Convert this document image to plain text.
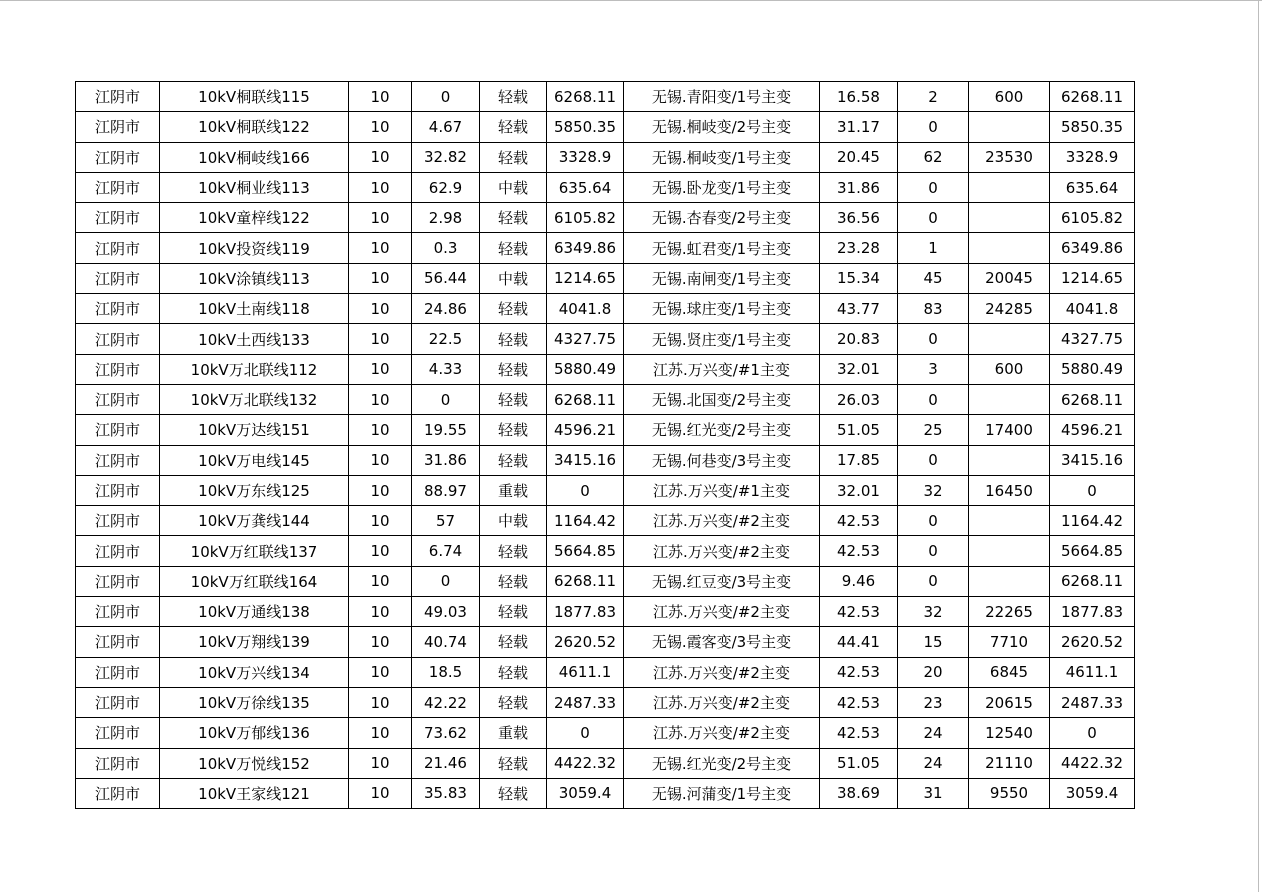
江阴市	10kV桐联线115	10	0	轻载	6268.11	无锡.青阳变/1号主变	16.58	2	600	6268.11
江阴市	10kV桐联线122	10	4.67	轻载	5850.35	无锡.桐岐变/2号主变	31.17	0		5850.35
江阴市	10kV桐岐线166	10	32.82	轻载	3328.9	无锡.桐岐变/1号主变	20.45	62	23530	3328.9
江阴市	10kV桐业线113	10	62.9	中载	635.64	无锡.卧龙变/1号主变	31.86	0		635.64
江阴市	10kV童梓线122	10	2.98	轻载	6105.82	无锡.杏春变/2号主变	36.56	0		6105.82
江阴市	10kV投资线119	10	0.3	轻载	6349.86	无锡.虹君变/1号主变	23.28	1		6349.86
江阴市	10kV涂镇线113	10	56.44	中载	1214.65	无锡.南闸变/1号主变	15.34	45	20045	1214.65
江阴市	10kV土南线118	10	24.86	轻载	4041.8	无锡.球庄变/1号主变	43.77	83	24285	4041.8
江阴市	10kV土西线133	10	22.5	轻载	4327.75	无锡.贤庄变/1号主变	20.83	0		4327.75
江阴市	10kV万北联线112	10	4.33	轻载	5880.49	江苏.万兴变/#1主变	32.01	3	600	5880.49
江阴市	10kV万北联线132	10	0	轻载	6268.11	无锡.北国变/2号主变	26.03	0		6268.11
江阴市	10kV万达线151	10	19.55	轻载	4596.21	无锡.红光变/2号主变	51.05	25	17400	4596.21
江阴市	10kV万电线145	10	31.86	轻载	3415.16	无锡.何巷变/3号主变	17.85	0		3415.16
江阴市	10kV万东线125	10	88.97	重载	0	江苏.万兴变/#1主变	32.01	32	16450	0
江阴市	10kV万龚线144	10	57	中载	1164.42	江苏.万兴变/#2主变	42.53	0		1164.42
江阴市	10kV万红联线137	10	6.74	轻载	5664.85	江苏.万兴变/#2主变	42.53	0		5664.85
江阴市	10kV万红联线164	10	0	轻载	6268.11	无锡.红豆变/3号主变	9.46	0		6268.11
江阴市	10kV万通线138	10	49.03	轻载	1877.83	江苏.万兴变/#2主变	42.53	32	22265	1877.83
江阴市	10kV万翔线139	10	40.74	轻载	2620.52	无锡.霞客变/3号主变	44.41	15	7710	2620.52
江阴市	10kV万兴线134	10	18.5	轻载	4611.1	江苏.万兴变/#2主变	42.53	20	6845	4611.1
江阴市	10kV万徐线135	10	42.22	轻载	2487.33	江苏.万兴变/#2主变	42.53	23	20615	2487.33
江阴市	10kV万郁线136	10	73.62	重载	0	江苏.万兴变/#2主变	42.53	24	12540	0
江阴市	10kV万悦线152	10	21.46	轻载	4422.32	无锡.红光变/2号主变	51.05	24	21110	4422.32
江阴市	10kV王家线121	10	35.83	轻载	3059.4	无锡.河蒲变/1号主变	38.69	31	9550	3059.4
